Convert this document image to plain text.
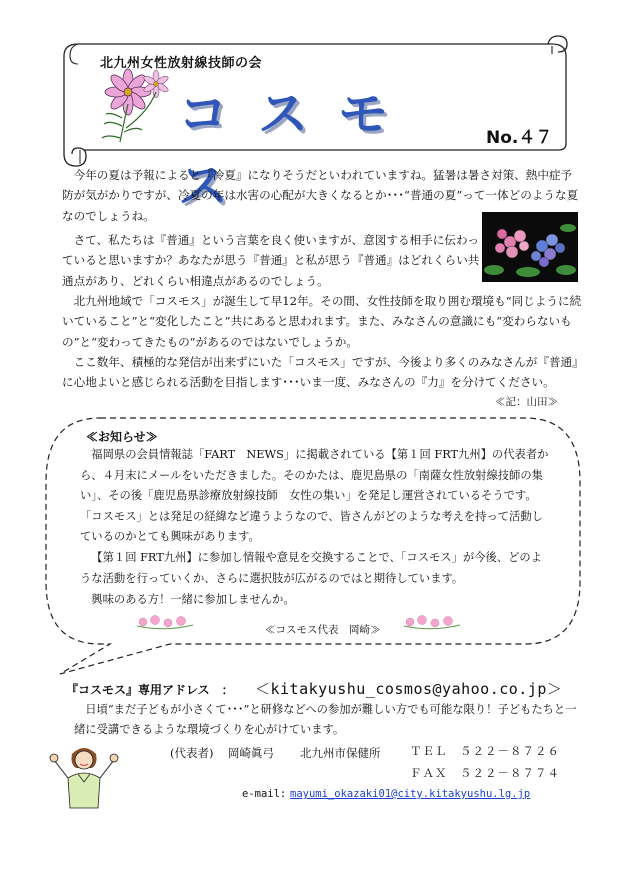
北九州女性放射線技師の会
コスモス
No.４７

今年の夏は予報によると『冷夏』になりそうだといわれていますね。猛暑は暑さ対策、熱中症予防が気がかりですが、冷夏の年は水害の心配が大きくなるとか･･･“普通の夏”って一体どのような夏なのでしょうね。

さて、私たちは『普通』という言葉を良く使いますが、意図する相手に伝わっていると思いますか？あなたが思う『普通』と私が思う『普通』はどれくらい共通点があり、どれくらい相違点があるのでしょう。

北九州地域で「コスモス」が誕生して早12年。その間、女性技師を取り囲む環境も“同じように続いていること”と“変化したこと”共にあると思われます。また、みなさんの意識にも“変わらないもの”と“変わってきたもの”があるのではないでしょうか。

ここ数年、積極的な発信が出来ずにいた「コスモス」ですが、今後より多くのみなさんが『普通』に心地よいと感じられる活動を目指します･･･いま一度、みなさんの『力』を分けてください。

≪記：山田≫
≪お知らせ≫

福岡県の会員情報誌「FART　NEWS」に掲載されている【第１回 FRT九州】の代表者から、４月末にメールをいただきました。そのかたは、鹿児島県の「南薩女性放射線技師の集い」、その後「鹿児島県診療放射線技師　女性の集い」を発足し運営されているそうです。「コスモス」とは発足の経緯など違うようなので、皆さんがどのような考えを持って活動しているのかとても興味があります。

【第１回 FRT九州】に参加し情報や意見を交換することで、「コスモス」が今後、どのような活動を行っていくか、さらに選択肢が広がるのではと期待しています。

興味のある方！一緒に参加しませんか。

≪コスモス代表　岡崎≫
『コスモス』専用アドレス　： ＜kitakyushu_cosmos@yahoo.co.jp＞

日頃“まだ子どもが小さくて･･･”と研修などへの参加が難しい方でも可能な限り！子どもたちと一緒に受講できるような環境づくりを心がけています。

(代表者) 岡崎眞弓 北九州市保健所	ＴＥＬ　５２２－８７２６
ＦＡＸ　５２２－８７７４
e-mail: mayumi_okazaki01@city.kitakyushu.lg.jp
